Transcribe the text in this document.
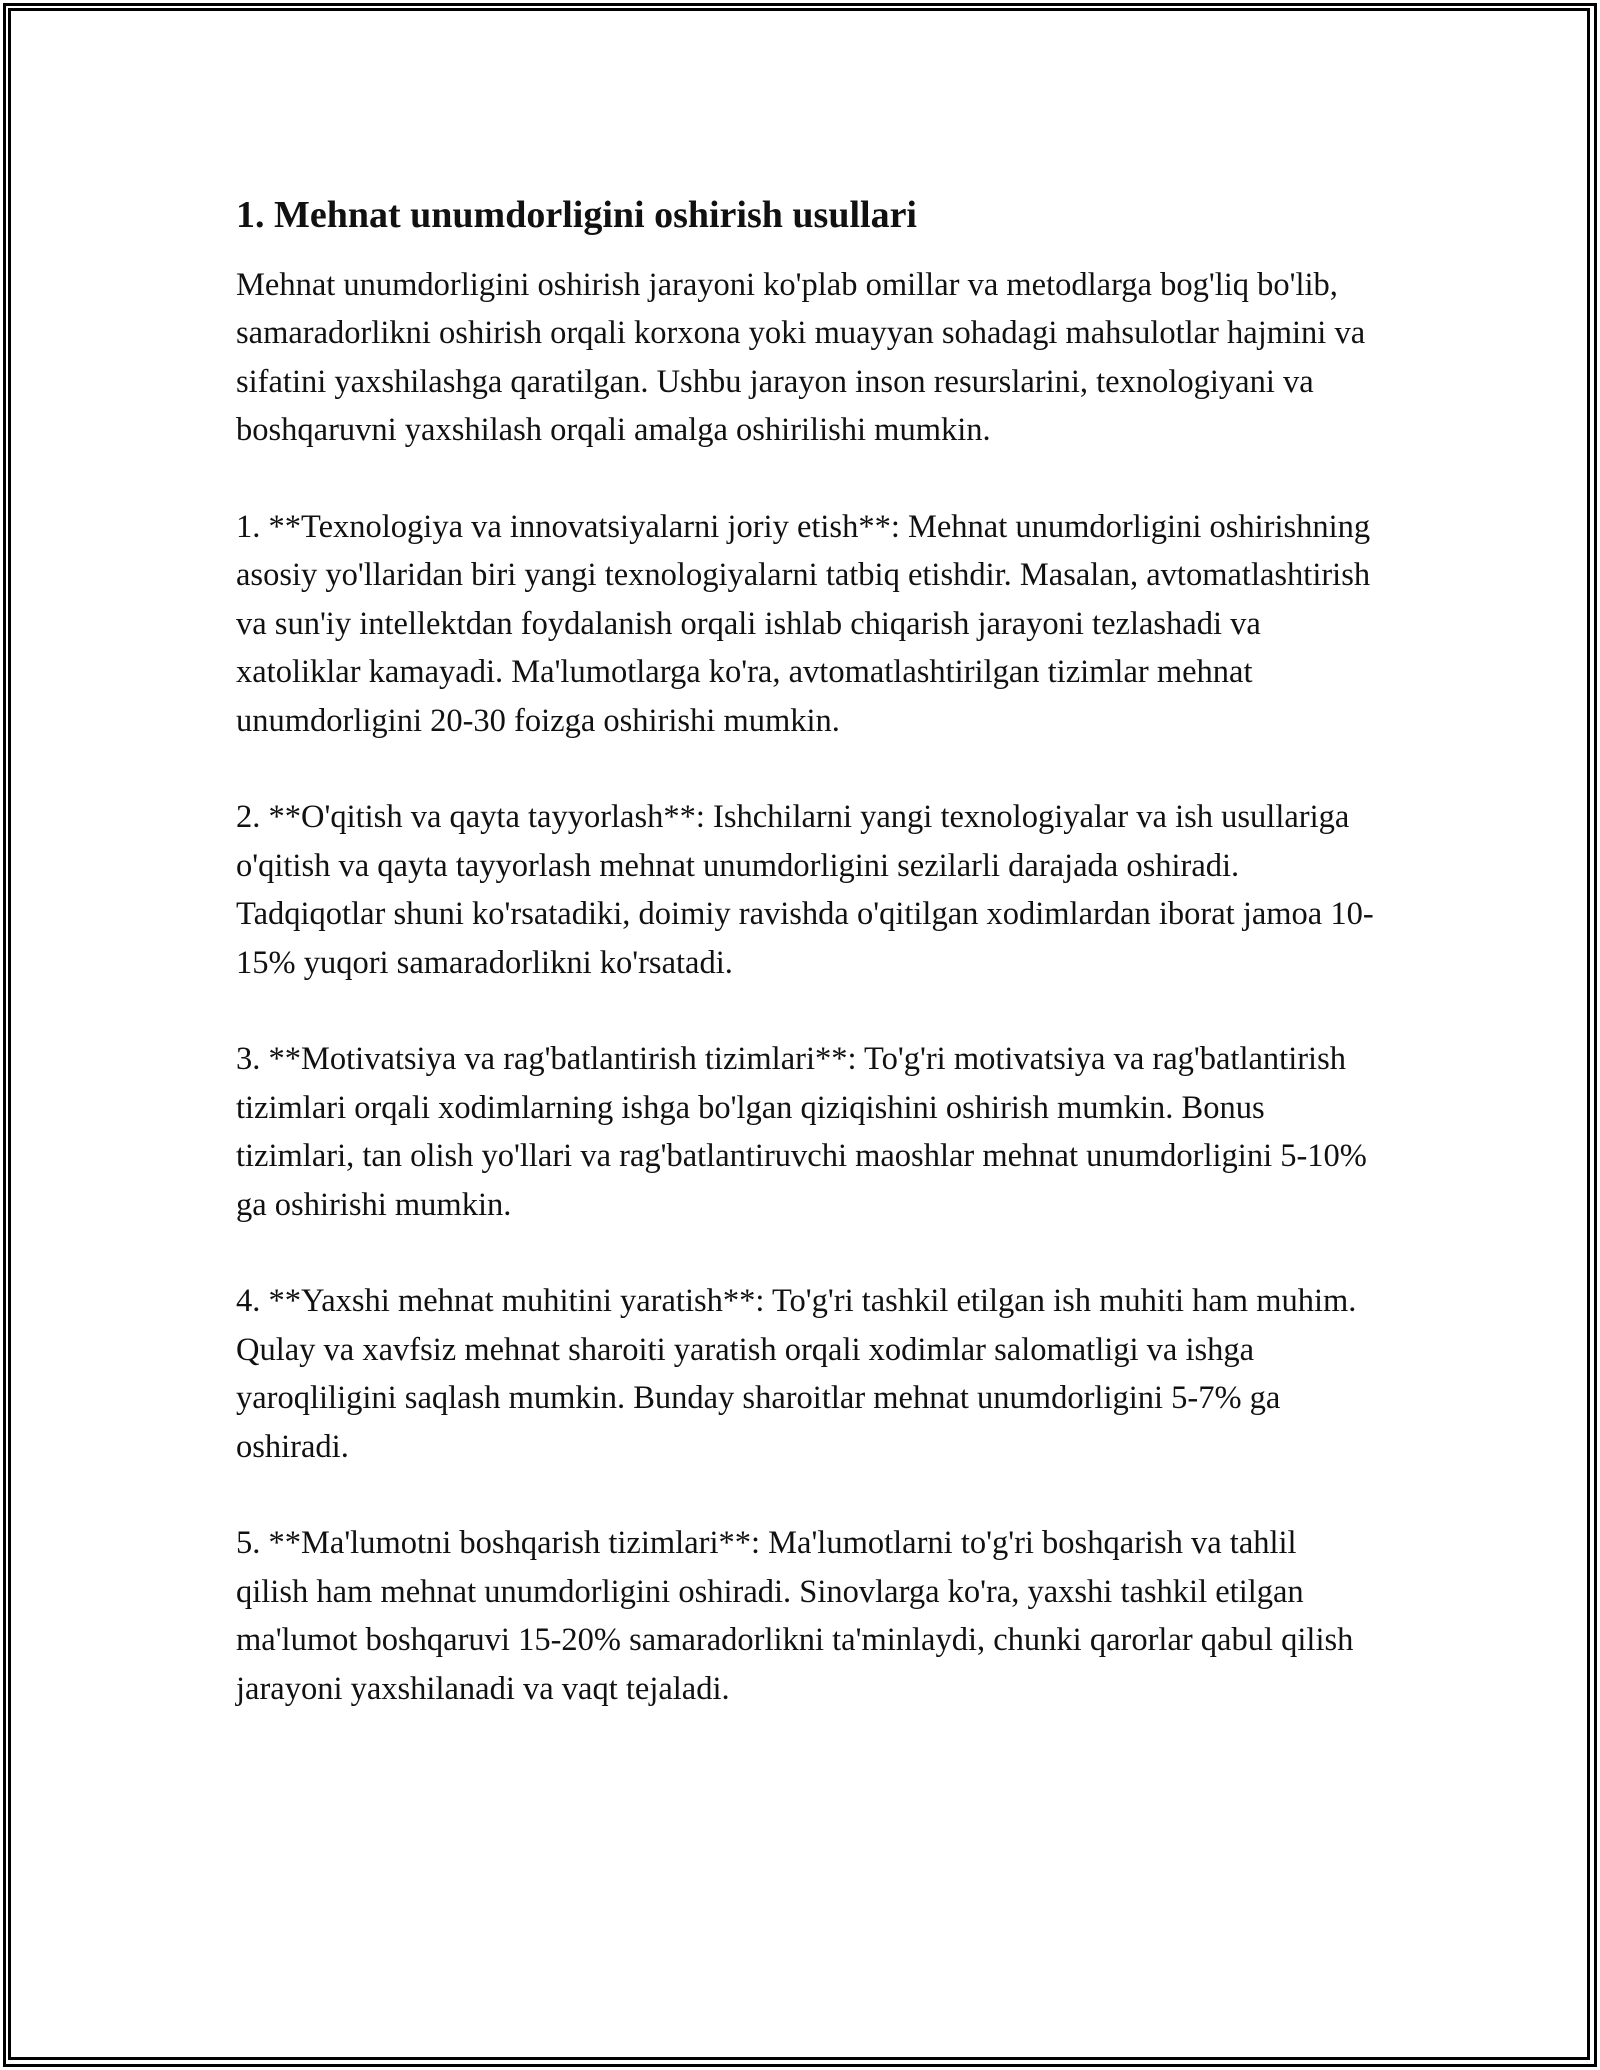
1. Mehnat unumdorligini oshirish usullari

Mehnat unumdorligini oshirish jarayoni ko'plab omillar va metodlarga bog'liq bo'lib, samaradorlikni oshirish orqali korxona yoki muayyan sohadagi mahsulotlar hajmini va sifatini yaxshilashga qaratilgan. Ushbu jarayon inson resurslarini, texnologiyani va boshqaruvni yaxshilash orqali amalga oshirilishi mumkin.

1. **Texnologiya va innovatsiyalarni joriy etish**: Mehnat unumdorligini oshirishning asosiy yo'llaridan biri yangi texnologiyalarni tatbiq etishdir. Masalan, avtomatlashtirish va sun'iy intellektdan foydalanish orqali ishlab chiqarish jarayoni tezlashadi va xatoliklar kamayadi. Ma'lumotlarga ko'ra, avtomatlashtirilgan tizimlar mehnat unumdorligini 20-30 foizga oshirishi mumkin.

2. **O'qitish va qayta tayyorlash**: Ishchilarni yangi texnologiyalar va ish usullariga o'qitish va qayta tayyorlash mehnat unumdorligini sezilarli darajada oshiradi. Tadqiqotlar shuni ko'rsatadiki, doimiy ravishda o'qitilgan xodimlardan iborat jamoa 10-15% yuqori samaradorlikni ko'rsatadi.

3. **Motivatsiya va rag'batlantirish tizimlari**: To'g'ri motivatsiya va rag'batlantirish tizimlari orqali xodimlarning ishga bo'lgan qiziqishini oshirish mumkin. Bonus tizimlari, tan olish yo'llari va rag'batlantiruvchi maoshlar mehnat unumdorligini 5-10% ga oshirishi mumkin.

4. **Yaxshi mehnat muhitini yaratish**: To'g'ri tashkil etilgan ish muhiti ham muhim. Qulay va xavfsiz mehnat sharoiti yaratish orqali xodimlar salomatligi va ishga yaroqliligini saqlash mumkin. Bunday sharoitlar mehnat unumdorligini 5-7% ga oshiradi.

5. **Ma'lumotni boshqarish tizimlari**: Ma'lumotlarni to'g'ri boshqarish va tahlil qilish ham mehnat unumdorligini oshiradi. Sinovlarga ko'ra, yaxshi tashkil etilgan ma'lumot boshqaruvi 15-20% samaradorlikni ta'minlaydi, chunki qarorlar qabul qilish jarayoni yaxshilanadi va vaqt tejaladi.
